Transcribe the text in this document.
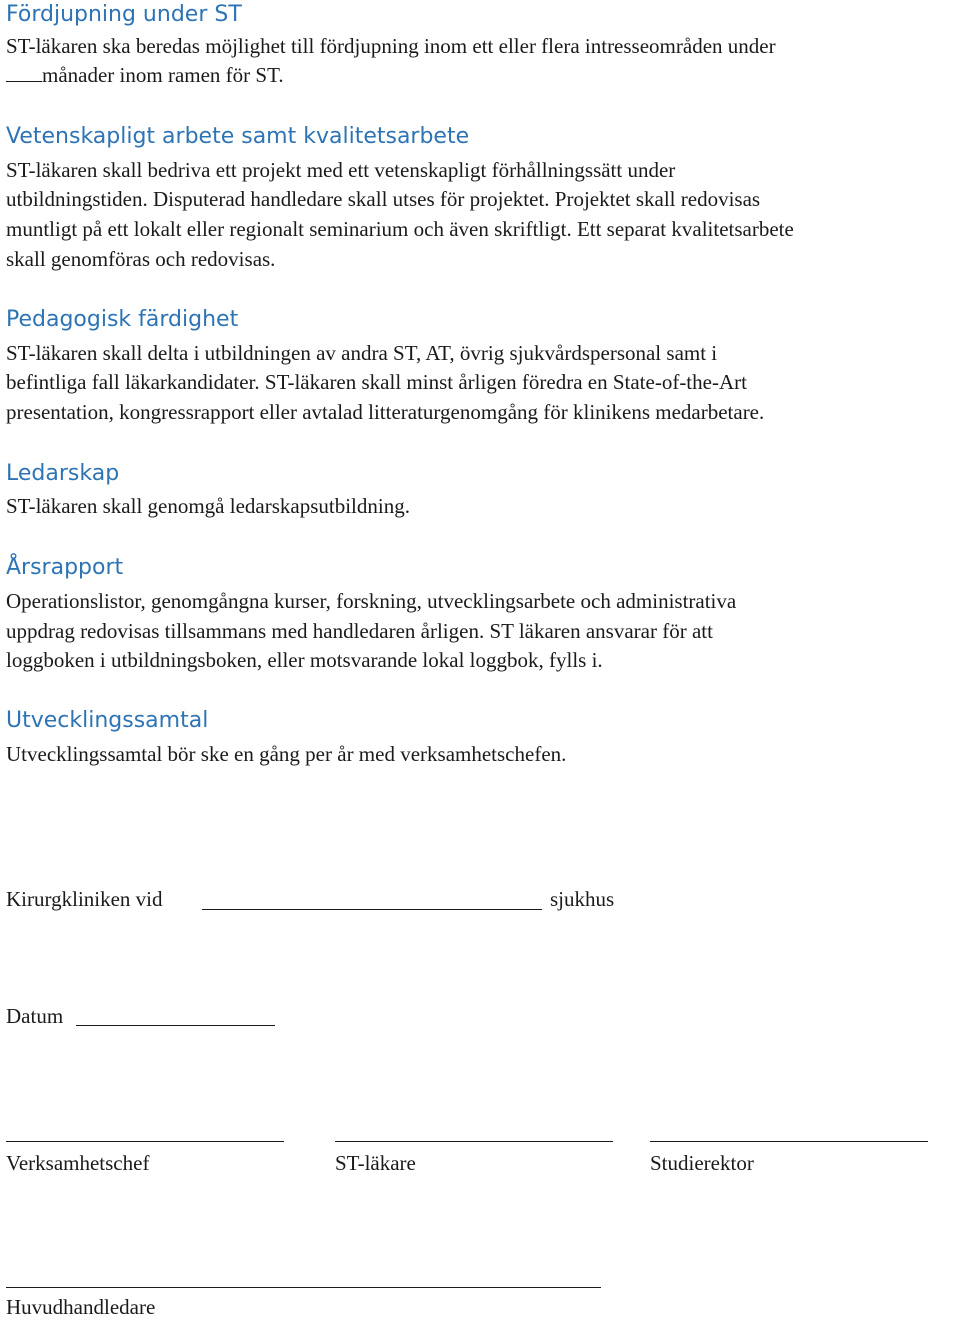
Fördjupning under ST

ST-läkaren ska beredas möjlighet till fördjupning inom ett eller flera intresseområden under

månader inom ramen för ST.

Vetenskapligt arbete samt kvalitetsarbete

ST-läkaren skall bedriva ett projekt med ett vetenskapligt förhållningssätt under

utbildningstiden. Disputerad handledare skall utses för projektet. Projektet skall redovisas

muntligt på ett lokalt eller regionalt seminarium och även skriftligt. Ett separat kvalitetsarbete

skall genomföras och redovisas.

Pedagogisk färdighet

ST-läkaren skall delta i utbildningen av andra ST, AT, övrig sjukvårdspersonal samt i

befintliga fall läkarkandidater. ST-läkaren skall minst årligen föredra en State-of-the-Art

presentation, kongressrapport eller avtalad litteraturgenomgång för klinikens medarbetare.

Ledarskap

ST-läkaren skall genomgå ledarskapsutbildning.

Årsrapport

Operationslistor, genomgångna kurser, forskning, utvecklingsarbete och administrativa

uppdrag redovisas tillsammans med handledaren årligen. ST läkaren ansvarar för att

loggboken i utbildningsboken, eller motsvarande lokal loggbok, fylls i.

Utvecklingssamtal

Utvecklingssamtal bör ske en gång per år med verksamhetschefen.

Kirurgkliniken vid	sjukhus
Datum
Verksamhetschef	ST-läkare	Studierektor
Huvudhandledare
